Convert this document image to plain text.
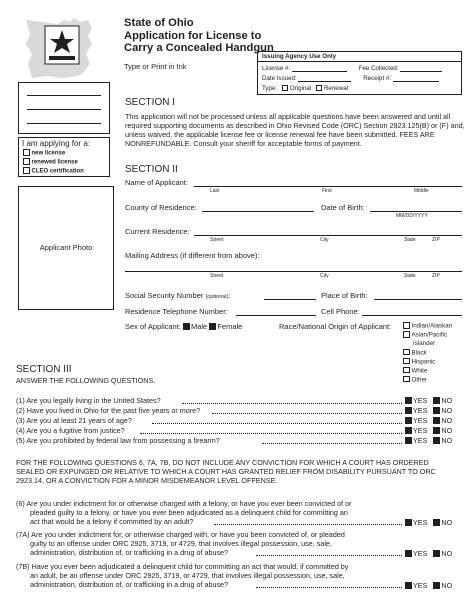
State of Ohio
Application for License to
Carry a Concealed Handgun
Type or Print in Ink
Issuing Agency Use Only
License #:	Fee Collected:
Date Issued:	Receipt #:
Type: Original Renewal
I am applying for a:
new license
renewed license
CLEO certification
Applicant Photo
SECTION I
This application will not be processed unless all applicable questions have been answered and until all required supporting documents as described in Ohio Revised Code (ORC) Section 2923.125(B) or (F) and, unless waived, the applicable license fee or license renewal fee have been submitted. FEES ARE NONREFUNDABLE. Consult your sheriff for acceptable forms of payment.
SECTION II
Name of Applicant:
Last	First	Middle
County of Residence:	Date of Birth:
MM/DD/YYYY
Current Residence:
Street	City	State	ZIP
Mailing Address (if different from above):
Street	City	State	ZIP
Social Security Number (optional):	Place of Birth:
Residence Telephone Number:	Cell Phone:
Sex of Applicant: Male Female	Race/National Origin of Applicant:	Indian/Alaskan
Asian/Pacific
Islander
Black
Hispanic
White
Other
SECTION III
ANSWER THE FOLLOWING QUESTIONS.
(1) Are you legally living in the United States?	YES NO
(2) Have you lived in Ohio for the past five years or more?	YES NO
(3) Are you at least 21 years of age?	YES NO
(4) Are you a fugitive from justice?	YES NO
(5) Are you prohibited by federal law from possessing a firearm?	YES NO
FOR THE FOLLOWING QUESTIONS 6, 7A, 7B, DO NOT INCLUDE ANY CONVICTION FOR WHICH A COURT HAS ORDERED SEALED OR EXPUNGED OR RELATIVE TO WHICH A COURT HAS GRANTED RELIEF FROM DISABILITY PURSUANT TO ORC 2923.14, OR A CONVICTION FOR A MINOR MISDEMEANOR LEVEL OFFENSE.
(6) Are you under indictment for or otherwise charged with a felony, or have you ever been convicted of or
pleaded guilty to a felony, or have you ever been adjudicated as a delinquent child for committing an
act that would be a felony if committed by an adult?	YES NO
(7A) Are you under indictment for, or otherwise charged with, or have you been convicted of, or pleaded
guilty to an offense under ORC 2925, 3719, or 4729, that involves illegal possession, use, sale,
administration, distribution of, or trafficking in a drug of abuse?	YES NO
(7B) Have you ever been adjudicated a delinquent child for committing an act that would, if committed by
an adult, be an offense under ORC 2925, 3719, or 4729, that involves illegal possession, use, sale,
administration, distribution of, or trafficking in a drug of abuse?	YES NO
